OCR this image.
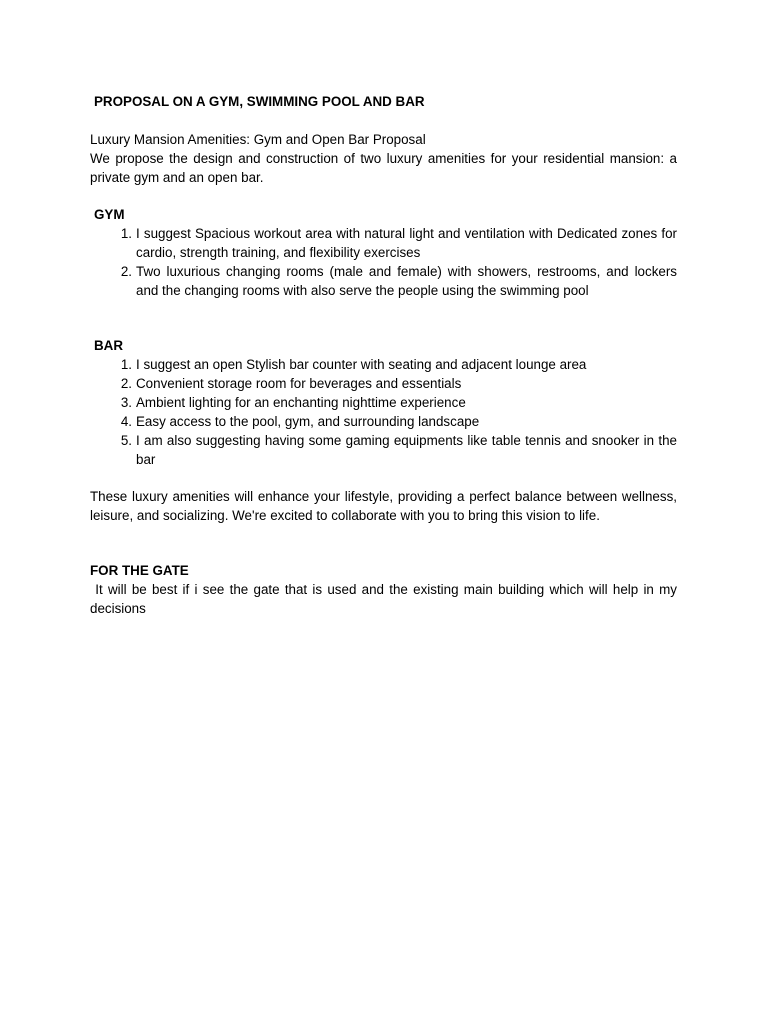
PROPOSAL ON A GYM, SWIMMING POOL AND BAR

Luxury Mansion Amenities: Gym and Open Bar Proposal

We propose the design and construction of two luxury amenities for your residential mansion: a private gym and an open bar.

GYM
1. I suggest Spacious workout area with natural light and ventilation with Dedicated zones for cardio, strength training, and flexibility exercises
2. Two luxurious changing rooms (male and female) with showers, restrooms, and lockers and the changing rooms with also serve the people using the swimming pool
BAR
1. I suggest an open Stylish bar counter with seating and adjacent lounge area
2. Convenient storage room for beverages and essentials
3. Ambient lighting for an enchanting nighttime experience
4. Easy access to the pool, gym, and surrounding landscape
5. I am also suggesting having some gaming equipments like table tennis and snooker in the bar
These luxury amenities will enhance your lifestyle, providing a perfect balance between wellness, leisure, and socializing. We're excited to collaborate with you to bring this vision to life.
FOR THE GATE
It will be best if i see the gate that is used and the existing main building which will help in my decisions
